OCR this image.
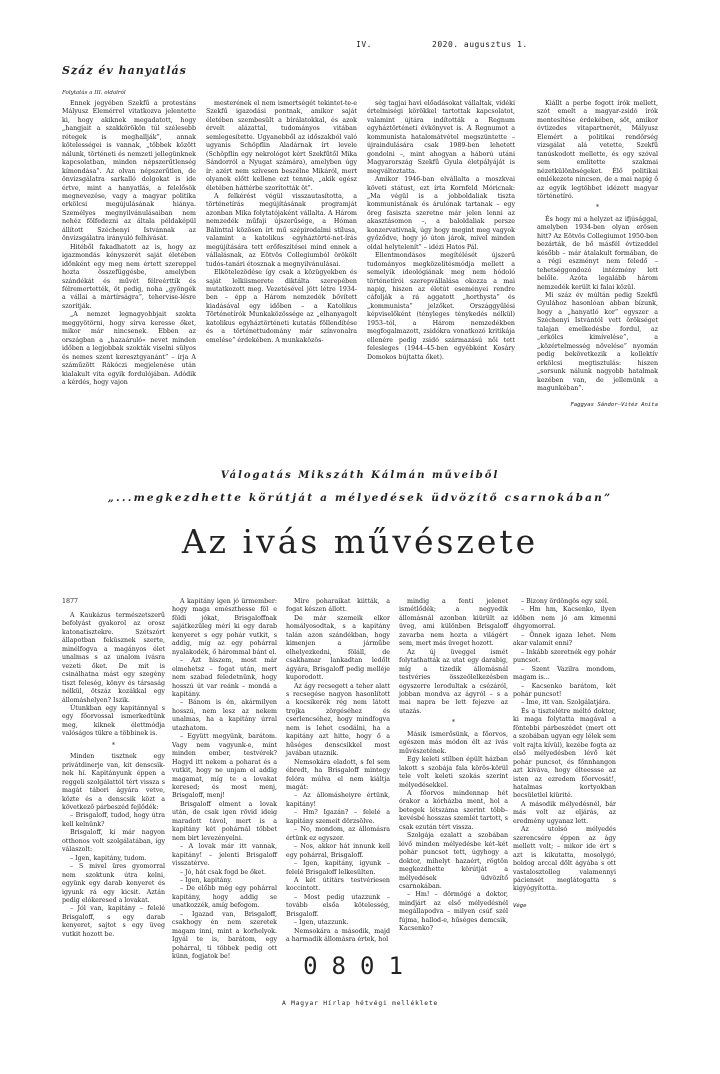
IV.	2020. augusztus 1.
Száz év hanyatlás
Folytatás a III. oldalról

Ennek jegyében Szekfű a protestáns Mályusz Elemérrel vitatkozva jelentette ki, hogy akiknek megadatott, hogy „hangjait a szakkörökön túl szélesebb rétegek is meghallják”, annak kötelességei is vannak, „többek között nálunk, történeti és nemzeti jellegünknek kapcsolatban, minden népszerűtlenség kímondása”. Az olvan népszerűtlen, de önvizsgálatra sarkalló dolgokat is ide értve, mint a hanyatlás, a felelősök megnevezése, vagy a magyar politika erkölcsi megújulásának hiánya. Személyes megnyilvánulásaiban nem nehéz fölfedezni az általa példaképül állított Széchenyi Istvánnak az önvizsgálatra irányuló felhívását.

Hitéből fakadhatott az is, hogy az igazmondás kényszerét saját életében időnként egy meg nem értett szereppel hozta összefüggésbe, amelyben szándékát és művét félreérttik és félremertették, öt pedig, noha „gyöngék a vállai a mártírságra”, tehervise-lésre szorítják.

„A nemzet legnagyobbjait szokta meggyötörni, hogy sírva keresse őket, mikor már nincsenek. Ebben az országban a „hazaáruló« nevet minden időben a legjobbak szokták viselni sülyos és nemes szent keresztgyanánt” – írja A száműzött Rákóczi megjelenése után kialakult vita egyik fordulójában. Adódik a kérdés, hogy vajon

mesterének el nem ismertségét tekintet-te-e Szekfű igazodási pontnak, amikor saját életében szembesült a bírálatokkal, és azok érvelt alázattal, tudományos vitában semlegesítette. Ugyanebből az időszakból való ugyanis Schöpflin Aladárnak írt levele (Schöpflin egy nekrológot kért Szekfűtől Mika Sándorról a Nyugat számára), amelyben úgy ír: azért nem szívesen beszélne Mikáról, mert olyanok előtt kellene ezt tennie, „akik egész életében háttérbe szorították öt”.

A felkérést végül visszautasította, a történetírás megújításának programját azonban Mika folytatójaként vállalta. A Három nemzedék műfaji újszerűsége, a Hóman Bálinttal közösen írt mű szépirodalmi stílusa, valamint a katolikus egyháztörté-net-írás megújítására tett erőfeszítései mind ennek a vállalásnak, az Eötvös Collegiumból örökölt tudós-tanári étosznak a megnyilvánulásai.

Elkötelezödése így csak a közügyekben és saját lelkiismerete diktálta szerepében mutatkozott meg. Vezetésével jött létre 1934-ben – épp a Három nemzedék bővített kiadásával egy időben – a Katolikus Történetírók Munkaközössége az „elhanyagolt katolikus egyháztörténeti kutatás föllendítése és a történettudomány már színvonalra emelése” érdekében. A munkaközös-

ség tagjai havi előadásokat vállaltak, vidéki értelmiségi körökkel tartottak kapcsolatot, valamint újtára indították a Regnum egyháztörténeti évkönyvet is. A Regnumot a kommunista hatalomátvétel megszüntette – újraindulására csak 1989-ben lehetett gondolni –, mint ahogyan a háború utáni Magyarország Szekfű Gyula életpályáját is megváltoztatta.

Amikor 1946-ban elvállalta a moszkvai követi státust, ezt írta Kornfeld Móricnak: „Ma végül is a jobboldaliak tiszta kommunistának és árulónak tartanak – egy öreg fasiszta szeretne már jelen lenni az akasztásomon –, a baloldaliak persze konzervativnak, úgy hogy megint meg vagyok győződve, hogy jó úton járok, mivel minden oldal helytelenít” – idézi Hatos Pál.

Ellentmondásos megítélését újszerű tudományos megközelítésmódja mellett a semelyik ideológiának meg nem hódoló történetírói szerepvállalása okozza a mai napig, hiszen az életút eseményei rendre cáfolják a rá aggatott „horthysta” és „kommunista” jelzőket. Országgyűlési képviselőként (tényleges ténykedés nélkül) 1953–tól, a Három nemzedékben megfogalmazott, zsidókra vonatkozó kritikája ellenére pedig zsidó származású női tett felesleges (1944–45-ben egyébként Kosáry Domokos bújtatta őket).

Kiállt a perbe fogott írók mellett, szót emelt a magyar-zsidó írók mentesítése érdekében, sőt, amikor évtizedes vitapartnerét, Mályusz Elemért a politikai rendőrség vizsgálat alá vetette, Szekfű tanúskodott mellette, és egy szóval sem említette szakmai nézetkülönbségeket. Élő politikai emlékezete nincsen, de a mai napig ő az egyik legtöbbet idézett magyar történetíró.

*

És hogy mi a helyzet az ifjúsággal, amelyben 1934-ben olyan erősen hitt? Az Eötvös Collegiumot 1950-ben bezárták, de bő másfél évtizeddel később – már átalakult formában, de a régi eszményt nem feledő – tehetséggondozó intézmény lett belőle. Azóta legalább három nemzedék került ki falai közül.

Mi száz év múltán pedig Szekfű Gyulához hasonlóan abban bízunk, hogy a „hanyatló kor” egyszer a Széchenyi Istvántól vett örökséget talajan emelkedésbe fordul, az „erkölcs kimívelése”, a „közértelmesség növelése” nyomán pedig bekövetkezik a kollektív erkölcsi megtisztulás: hiszen „sorsunk nálunk nagyobb hatalmak kezében van, de jellemünk a magunkéban”.

Faggyas Sándor–Vitéz Anita
Válogatás Mikszáth Kálmán műveiből
„...megkezdhette körútját a mélyedések üdvözítő csarnokában”
Az ivás művészete
1877

A Kaukázus természetszerű befolyást gyakorol az orosz katonatisztekre. Szétszórt állapotban feküsznek szerte, minélfogva a magányos élet unalmas s az unalom ivásra vezeti őket. De mit is csinálhatna mást egy szegény tiszt feleség, könyv és társaság nélkül, ötszáz kozákkal egy állomáshelyen? Iszik.

Útunkban egy kapitánnyal s egy főorvossal ismerkedtünk meg, kiknek élettmódja valóságos tükre a többinek is.

*

Minden tisztnek egy privátdinerje van, kit denscsik-nek hí. Kapitányunk éppen a reggeli szolgálattól tért vissza s magát tábori ágyára vetve, közte és a denscsik közt a következő párbeszéd fejlődék:

– Brisgaloff, tudod, hogy útra kell kelnünk?

Brisgaloff, ki már nagyon otthonos volt szolgálatában, így válaszolt:

– Igen, kapitány, tudom.

– S mivel üres gyomorral nem szoktunk útra kelni, együnk egy darab kenyeret és igyunk rá egy kicsit. Aztán pedig elókeresed a lovakat.

– Jól van, kapitány – felelé Brisgaloff, s egy darab kenyeret, sajtot s egy üveg vutkit hozott be.

A kapitány igen jó ürmember: hogy maga emészthesse föl e földi jókat, Brisgaloffnak sajátkezűleg mérí ki egy darab kenyeret s egy pohár vutkit, s addig, míg az egy pohárral nyalakodék, ő hárommal bánt el.

– Azt hiszem, most már elmehetsz – fogat után, mert nem szabad feledetnünk, hogy hosszú út var reánk – mondá a kapitány.

– Bánom is én, akármilyen hosszú, nem lesz az nekem unalmas, ha a kapitány úrral utazhatom.

– Együtt megyünk, barátom. Vagy nem vagyunk-e, mint minden ember, testvérek? Hagyd itt nekem a poharat és a vutkit, hogy ne unjam el addig magamat, míg te a lovakat keresed; és most menj, Brisgaloff, menj!

Brisgaloff elment a lovak után, de csak igen rövid ideig maradott távol, mert is a kapitány két pohárnál többet nem birt levezényelni.

– A lovak már itt vannak, kapitány! – jelenti Brisgaloff visszatérve.

– Jó, hát csak fogd be őket.

– Igen, kapitány.

– De előbb még egy pohárral kapitány, hogy addig se unatkozzék, amíg befogom.

– Igazad van, Brisgaloff, csakhogy én nem szeretek magam inni, mint a korhelyok. Igyál te is, barátom, egy pohárral, ti többek pedig ott künn, fogjatok be!

Mire poharaikat kiitták, a fogat készen állott.

De már szemeik elkor homályosodtak, s a kapitány talán azon szándékban, hogy kimenjen a járműbe elhelyezkedni, föláll, de csakhamar lankadtan ledőlt ágyára, Brisgaloff pedig melléje kuporodott.

Az ágy recsegett a teher alatt s recsegése nagyon hasonlított a kocsikerék rég nem látott trojka zörgéséhez és cserlencséhez, hogy mindfogva nem is lehet csodálni, ha a kapitány azt hitte, hogy ő a hűséges denscsikkel most javában utaznik.

Nemsokára eladott, s fel sem ébredt, ha Brisgaloff mintegy felóra múlva el nem kiáltja magát:

– Az állomásheiyre értünk, kapitány!

– Hm? Igazán? – felelé a kapitány szemeit dörzsölve.

– No, mondom, az állomásra értünk ez egyszer.

– Nos, akkor hát innunk kell egy pohárral, Brisgaloff.

– Igen, kapitány, igyunk – felelé Brisgaloff lelkesülten.

A két útitárs testvériesen koccintott.

– Most pedig utazzunk – tovább elsőa kötelesség, Brisgaloff.

– Igen, utazzunk.

Nemsokára a második, majd a harmadik állomásra értek, hol

mindig a fenti jelenet ismétlődék; a negyedik állomásnál azonban kiürült az üveg, ami különben Brisgaloff zavarba nem hozta a világért sem, mert más üveget hozott.

Az új üveggel ismét folytathatták az utat egy darabig, míg a tizedik állomásnál testvéries összeölelkezésben egyszerre lerodultak a csézáról, jobban mondva az ágyról – s a mai napra be lett fejezve az utazás.

*

Másik ismerősünk, a főorvos, egészen más módon élt az ivás művészetének.

Egy keleti stílben épült házban lakott s szobája fala körös-körül tele volt keleti szokás szerint mélyedésekkel.

A főorvos mindennap hét órakor a kórházba ment, hol a betegek létszáma szerint több–kevésbé hosszas szemlét tartott, s csak ezután tért vissza.

Szolgája ezalatt a szobában lévő minden mélyedésbe két–két pohár puncsot tett, úgyhogy a doktor, mihelyt hazaért, rögtön megkezdhette körútját a mélyedések üdvözítő csarnokában.

– Hm! – dörmögé a doktor, mindjárt az első mélyedésnél megállapodva – milyen csúf szél fújma, hallod-e, hűséges demcsik, Kacsenko?

– Bizony ördöngös egy szél.

– Hm hm, Kacsenko, ilyen időben nem jó am kimenni éhgyomorral.

– Önnek igaza lehet. Nem akar valamit enni?

– Inkább szeretnék egy pohár puncsot.

– Szent Vazilra mondom, magam is...

– Kacsenko barátom, két pohár puncsot!

– Íme, itt van. Szolgálatjára.

És a tisztelétre méltó doktor, ki maga folytatta magával a föntebbi párbeszédet (mert ott a szobában ugyan egy lélek sem volt rajta kívül), kezébe fogta az első mélyedésben lévő két pohár puncsot, és főnnhangon azt kiváva, hogy élteessse az isten az ezredem főorvosát!, hatalmas kortyokban becsületlel kiürité.

A második mélyedésnél, bár más volt az eljárás, az eredmény ugyanaz lett.

Az utolsó mélyedés szerencsére éppen az ágy mellett volt; – mikor ide ért s azt is kikutatta, mosolygó, boldog arccal dőlt ágyába s ott vastalosztolleg valamennyi páciensét meglátogatta s kigyógyította.

Vége
0801
A Magyar Hírlap hétvégi melléklete
